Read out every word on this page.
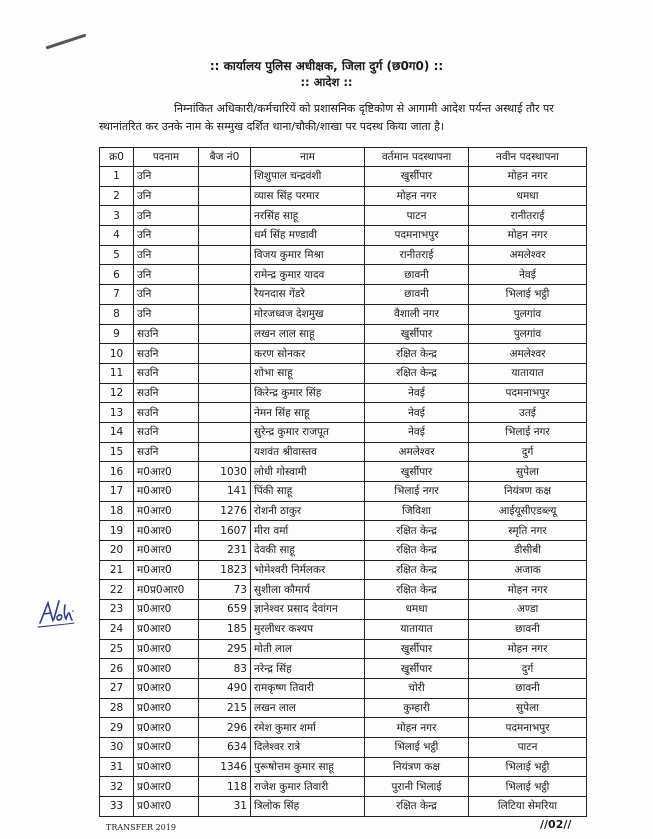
:: कार्यालय पुलिस अधीक्षक, जिला दुर्ग (छ0ग0) ::
:: आदेश ::
निम्नांकित अधिकारी/कर्मचारियें को प्रशासनिक दृष्टिकोण से आगामी आदेश पर्यन्त अस्थाई तौर पर स्थानांतरित कर उनके नाम के सम्मुख दर्शित थाना/चौकी/शाखा पर पदस्थ किया जाता है।
क्र0	पदनाम	बैज नं0	नाम	वर्तमान पदस्थापना	नवीन पदस्थापना
1	उनि		शिशुपाल चन्द्रवंशी	खुर्सीपार	मोहन नगर
2	उनि		व्यास सिंह परमार	मोहन नगर	धमधा
3	उनि		नरसिंह साहू	पाटन	रानीतराई
4	उनि		धर्म सिंह मण्डावी	पदमनाभपुर	मोहन नगर
5	उनि		विजय कुमार मिश्रा	रानीतराई	अमलेश्वर
6	उनि		रामेन्द्र कुमार यादव	छावनी	नेवई
7	उनि		रैयनदास गेंडरे	छावनी	भिलाई भट्ठी
8	उनि		मोरजध्वज देशमुख	वैशाली नगर	पुलगांव
9	सउनि		लखन लाल साहू	खुर्सीपार	पुलगांव
10	सउनि		करण सोनकर	रक्षित केन्द्र	अमलेश्वर
11	सउनि		शोभा साहू	रक्षित केन्द्र	यातायात
12	सउनि		किरेन्द्र कुमार सिंह	नेवई	पदमनाभपुर
13	सउनि		नेमन सिंह साहू	नेवई	उतई
14	सउनि		सुरेन्द्र कुमार राजपूत	नेवई	भिलाई नगर
15	सउनि		यशवंत श्रीवास्तव	अमलेश्वर	दुर्ग
16	म0आर0	1030	लोधी गोस्वामी	खुर्सीपार	सुपेला
17	म0आर0	141	पिंकी साहू	भिलाई नगर	नियंत्रण कक्ष
18	म0आर0	1276	रोशनी ठाकुर	जिविशा	आईयूसीएडब्ल्यू
19	म0आर0	1607	मीरा वर्मा	रक्षित केन्द्र	स्मृति नगर
20	म0आर0	231	देवकी साहू	रक्षित केन्द्र	डीसीबी
21	म0आर0	1823	भोमेश्वरी निर्मलकर	रक्षित केन्द्र	अजाक
22	म0प्र0आर0	73	सुशीला कौमार्य	रक्षित केन्द्र	मोहन नगर
23	प्र0आर0	659	ज्ञानेश्वर प्रसाद देवांगन	धमधा	अण्डा
24	प्र0आर0	185	मुरलीधर कश्यप	यातायात	छावनी
25	प्र0आर0	295	मोती लाल	खुर्सीपार	मोहन नगर
26	प्र0आर0	83	नरेन्द्र सिंह	खुर्सीपार	दुर्ग
27	प्र0आर0	490	रामकृष्ण तिवारी	चोरी	छावनी
28	प्र0आर0	215	लखन लाल	कुम्हारी	सुपेला
29	प्र0आर0	296	रमेश कुमार शर्मा	मोहन नगर	पदमनाभपुर
30	प्र0आर0	634	दिलेश्वर रात्रे	भिलाई भट्ठी	पाटन
31	प्र0आर0	1346	पुरूषोत्तम कुमार साहू	नियंत्रण कक्ष	भिलाई भट्ठी
32	प्र0आर0	118	राजेश कुमार तिवारी	पुरानी भिलाई	भिलाई भट्ठी
33	प्र0आर0	31	त्रिलोक सिंह	रक्षित केन्द्र	लिटिया सेमरिया
//02//
TRANSFER 2019
